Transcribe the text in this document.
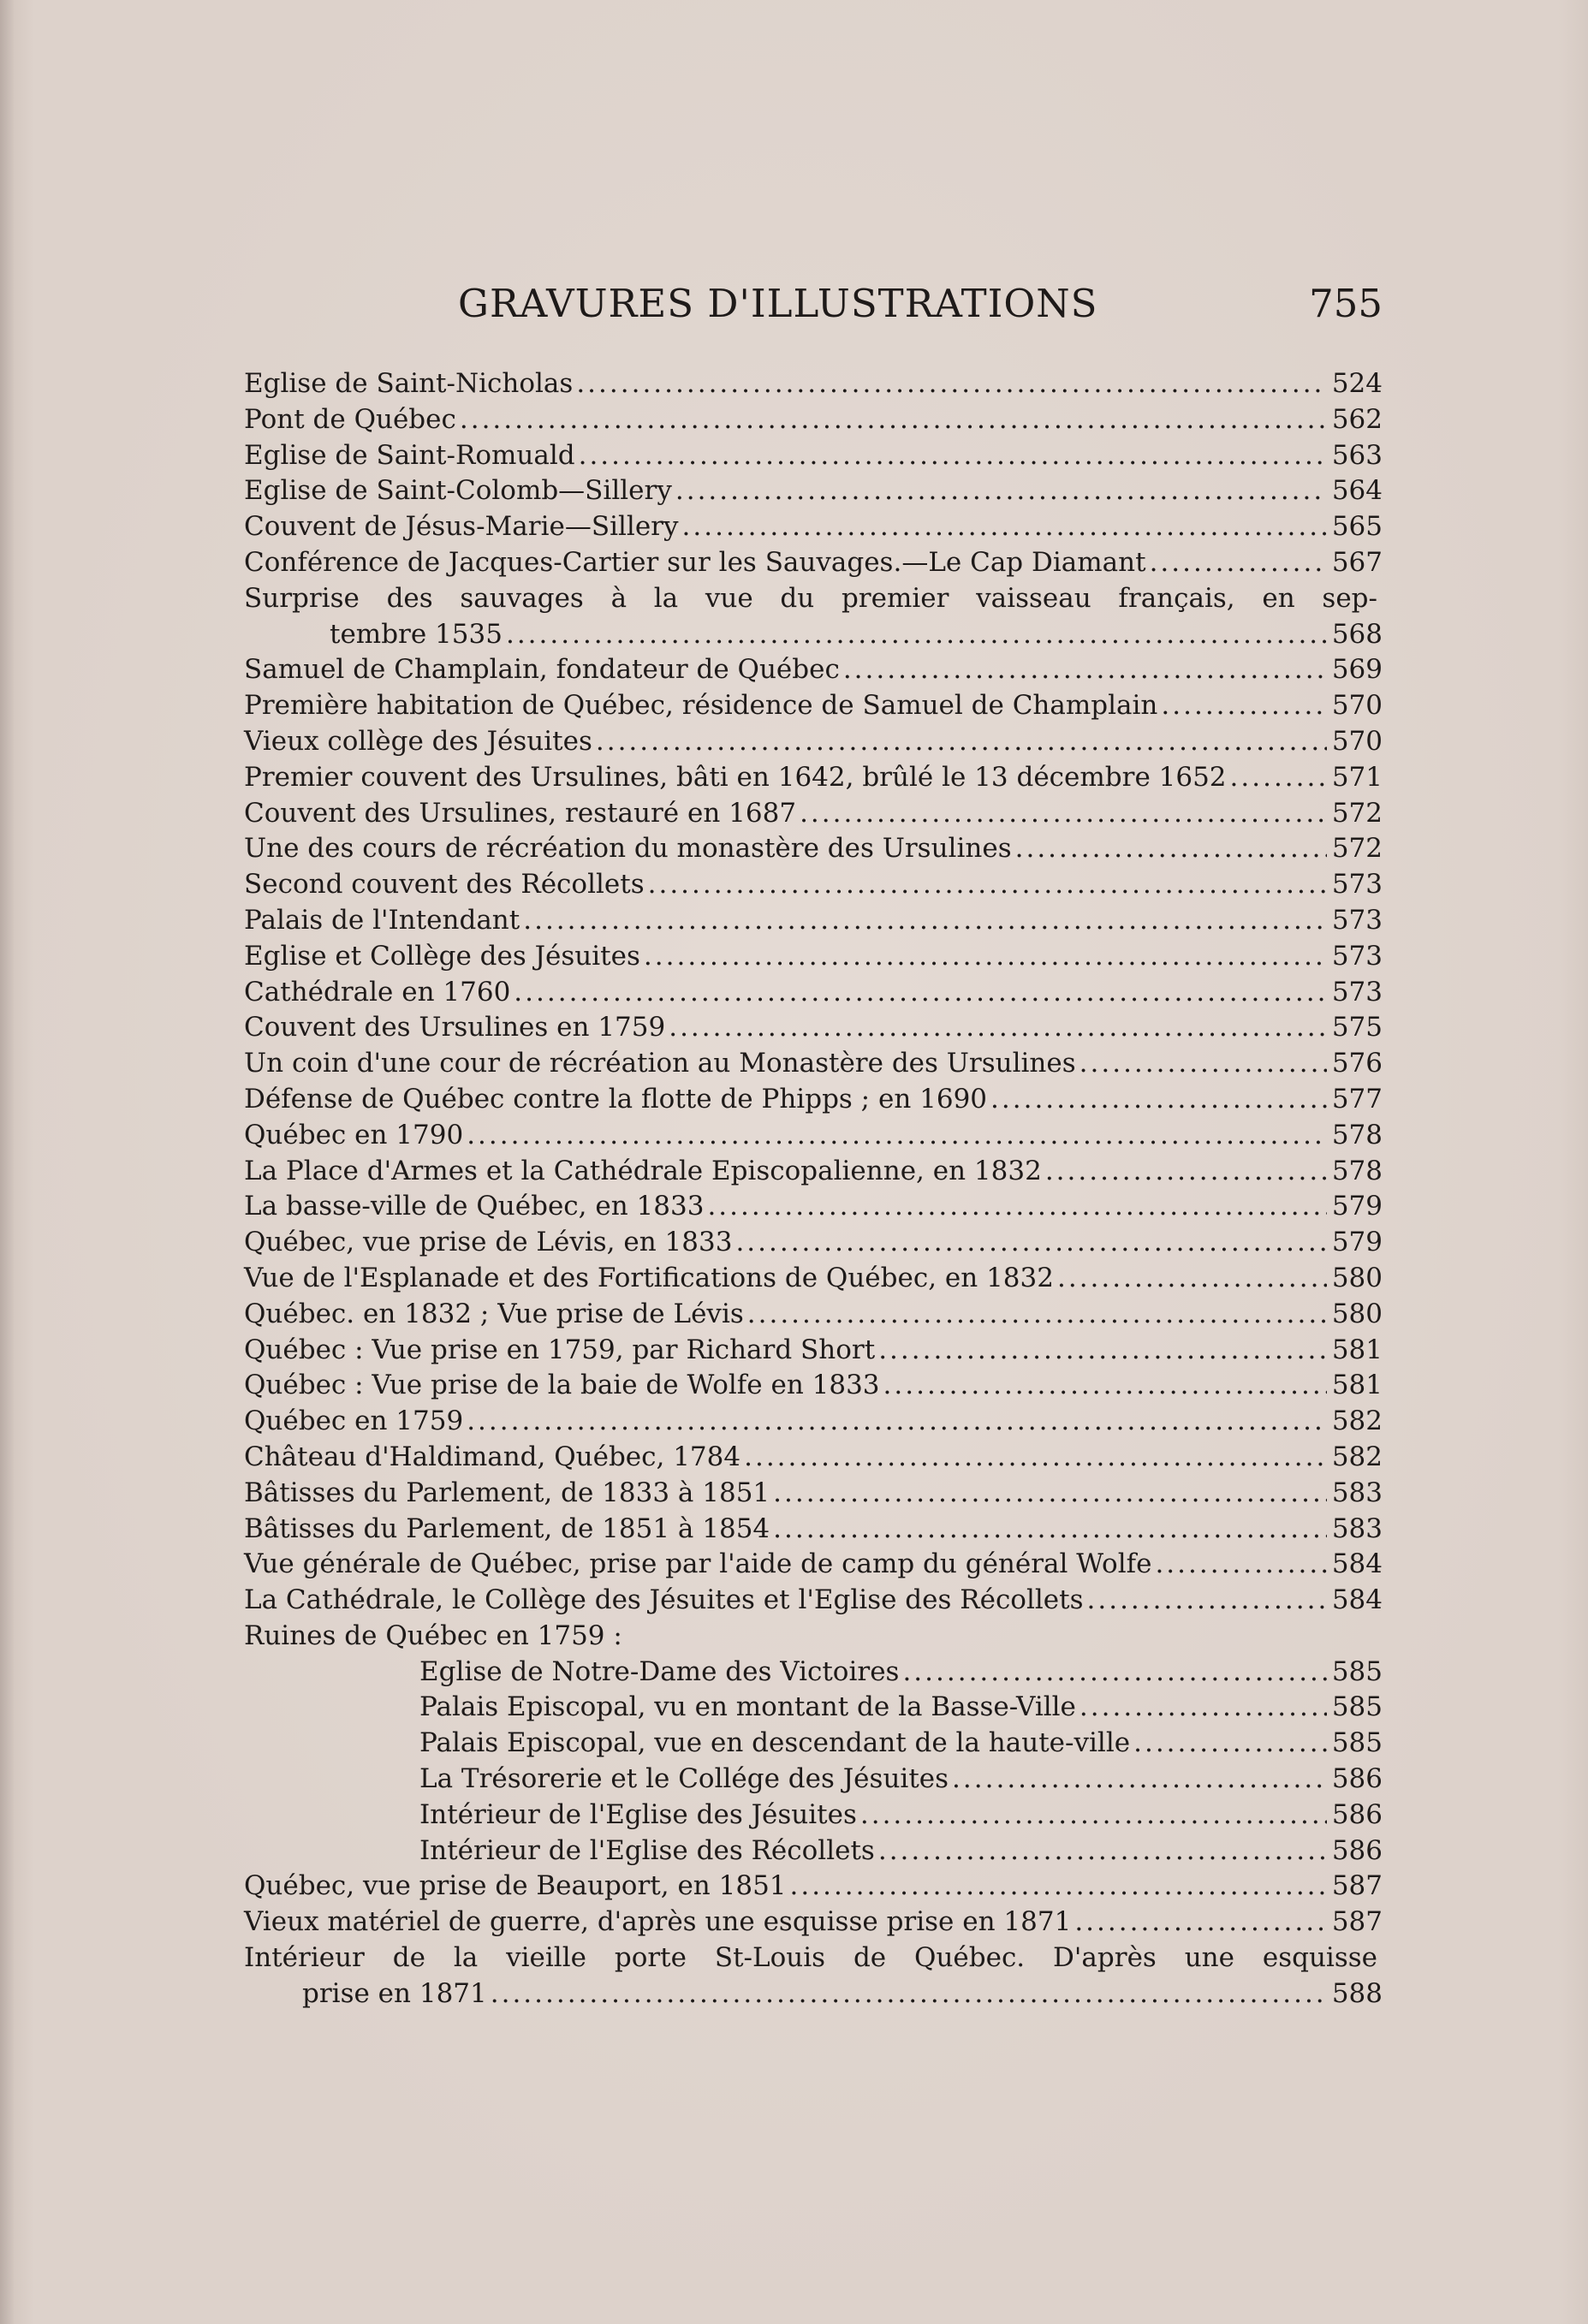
GRAVURES D'ILLUSTRATIONS	755
Eglise de Saint-Nicholas .....	524
Pont de Québec .....	562
Eglise de Saint-Romuald .....	563
Eglise de Saint-Colomb—Sillery .....	564
Couvent de Jésus-Marie—Sillery .....	565
Conférence de Jacques-Cartier sur les Sauvages.—Le Cap Diamant .....	567
Surprise des sauvages à la vue du premier vaisseau français, en sep-
tembre 1535 .....	568
Samuel de Champlain, fondateur de Québec .....	569
Première habitation de Québec, résidence de Samuel de Champlain .....	570
Vieux collège des Jésuites .....	570
Premier couvent des Ursulines, bâti en 1642, brûlé le 13 décembre 1652 .....	571
Couvent des Ursulines, restauré en 1687 .....	572
Une des cours de récréation du monastère des Ursulines .....	572
Second couvent des Récollets .....	573
Palais de l'Intendant .....	573
Eglise et Collège des Jésuites .....	573
Cathédrale en 1760 .....	573
Couvent des Ursulines en 1759 .....	575
Un coin d'une cour de récréation au Monastère des Ursulines .....	576
Défense de Québec contre la flotte de Phipps ; en 1690 .....	577
Québec en 1790 .....	578
La Place d'Armes et la Cathédrale Episcopalienne, en 1832 .....	578
La basse-ville de Québec, en 1833 .....	579
Québec, vue prise de Lévis, en 1833 .....	579
Vue de l'Esplanade et des Fortifications de Québec, en 1832 .....	580
Québec. en 1832 ; Vue prise de Lévis .....	580
Québec : Vue prise en 1759, par Richard Short .....	581
Québec : Vue prise de la baie de Wolfe en 1833 .....	581
Québec en 1759 .....	582
Château d'Haldimand, Québec, 1784 .....	582
Bâtisses du Parlement, de 1833 à 1851 .....	583
Bâtisses du Parlement, de 1851 à 1854 .....	583
Vue générale de Québec, prise par l'aide de camp du général Wolfe .....	584
La Cathédrale, le Collège des Jésuites et l'Eglise des Récollets .....	584
Ruines de Québec en 1759 :
Eglise de Notre-Dame des Victoires .....	585
Palais Episcopal, vu en montant de la Basse-Ville .....	585
Palais Episcopal, vue en descendant de la haute-ville .....	585
La Trésorerie et le Collége des Jésuites .....	586
Intérieur de l'Eglise des Jésuites .....	586
Intérieur de l'Eglise des Récollets .....	586
Québec, vue prise de Beauport, en 1851 .....	587
Vieux matériel de guerre, d'après une esquisse prise en 1871 .....	587
Intérieur de la vieille porte St-Louis de Québec. D'après une esquisse
prise en 1871 .....	588
